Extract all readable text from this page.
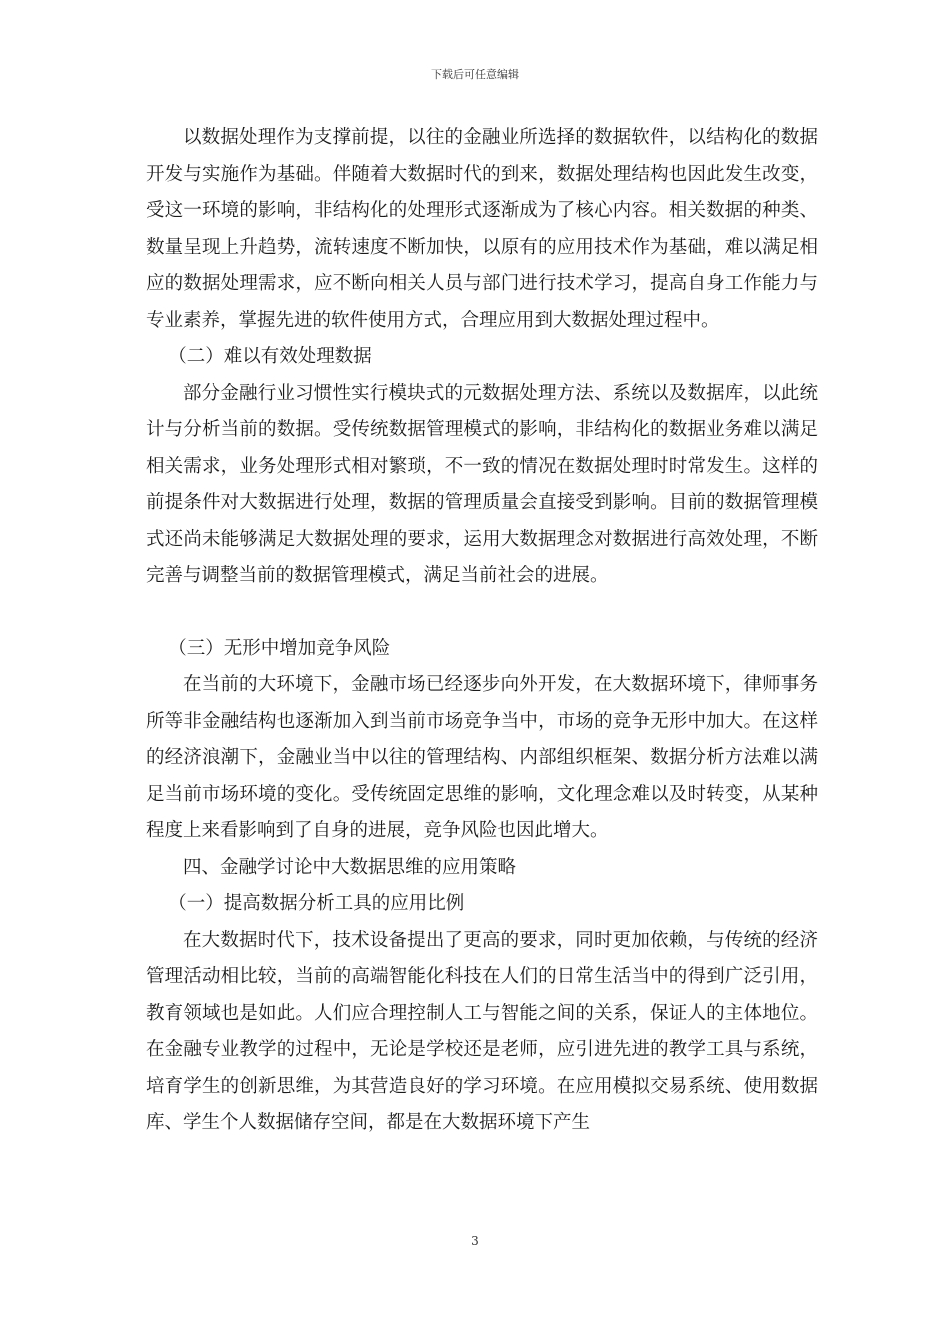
下载后可任意编辑

以数据处理作为支撑前提，以往的金融业所选择的数据软件，以结构化的数据开发与实施作为基础。伴随着大数据时代的到来，数据处理结构也因此发生改变，受这一环境的影响，非结构化的处理形式逐渐成为了核心内容。相关数据的种类、数量呈现上升趋势，流转速度不断加快，以原有的应用技术作为基础，难以满足相应的数据处理需求，应不断向相关人员与部门进行技术学习，提高自身工作能力与专业素养，掌握先进的软件使用方式，合理应用到大数据处理过程中。

（二）难以有效处理数据

部分金融行业习惯性实行模块式的元数据处理方法、系统以及数据库，以此统计与分析当前的数据。受传统数据管理模式的影响，非结构化的数据业务难以满足相关需求，业务处理形式相对繁琐，不一致的情况在数据处理时时常发生。这样的前提条件对大数据进行处理，数据的管理质量会直接受到影响。目前的数据管理模式还尚未能够满足大数据处理的要求，运用大数据理念对数据进行高效处理，不断完善与调整当前的数据管理模式，满足当前社会的进展。

（三）无形中增加竞争风险

在当前的大环境下，金融市场已经逐步向外开发，在大数据环境下，律师事务所等非金融结构也逐渐加入到当前市场竞争当中，市场的竞争无形中加大。在这样的经济浪潮下，金融业当中以往的管理结构、内部组织框架、数据分析方法难以满足当前市场环境的变化。受传统固定思维的影响，文化理念难以及时转变，从某种程度上来看影响到了自身的进展，竞争风险也因此增大。

四、金融学讨论中大数据思维的应用策略

（一）提高数据分析工具的应用比例

在大数据时代下，技术设备提出了更高的要求，同时更加依赖，与传统的经济管理活动相比较，当前的高端智能化科技在人们的日常生活当中的得到广泛引用，教育领域也是如此。人们应合理控制人工与智能之间的关系，保证人的主体地位。在金融专业教学的过程中，无论是学校还是老师，应引进先进的教学工具与系统，培育学生的创新思维，为其营造良好的学习环境。在应用模拟交易系统、使用数据库、学生个人数据储存空间，都是在大数据环境下产生

3
